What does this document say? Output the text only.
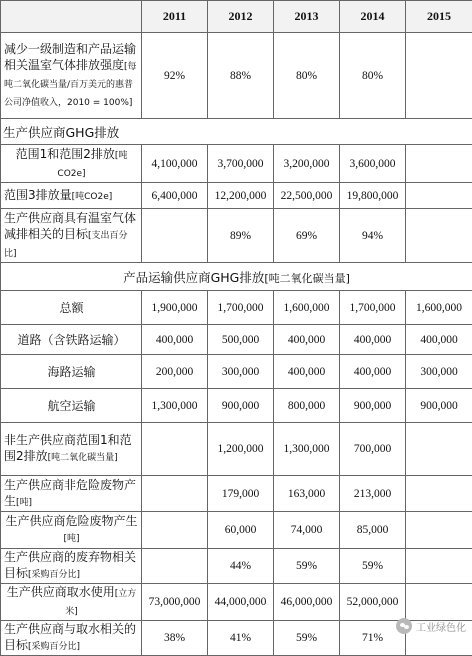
	2011	2012	2013	2014	2015
减少一级制造和产品运输相关温室气体排放强度[每吨二氧化碳当量/百万美元的惠普公司净值收入，2010 = 100%]	92%	88%	80%	80%	
生产供应商GHG排放					
范围1和范围2排放[吨CO2e]	4,100,000	3,700,000	3,200,000	3,600,000	
范围3排放量[吨CO2e]	6,400,000	12,200,000	22,500,000	19,800,000	
生产供应商具有温室气体减排相关的目标[支出百分比]		89%	69%	94%	
产品运输供应商GHG排放[吨二氧化碳当量]					
总额	1,900,000	1,700,000	1,600,000	1,700,000	1,600,000
道路（含铁路运输）	400,000	500,000	400,000	400,000	400,000
海路运输	200,000	300,000	400,000	400,000	300,000
航空运输	1,300,000	900,000	800,000	900,000	900,000
非生产供应商范围1和范围2排放[吨二氧化碳当量]		1,200,000	1,300,000	700,000	
生产供应商非危险废物产生[吨]		179,000	163,000	213,000	
生产供应商危险废物产生[吨]		60,000	74,000	85,000	
生产供应商的废弃物相关目标[采购百分比]		44%	59%	59%	
生产供应商取水使用[立方米]	73,000,000	44,000,000	46,000,000	52,000,000	
生产供应商与取水相关的目标[采购百分比]	38%	41%	59%	71%	
工业绿色化
